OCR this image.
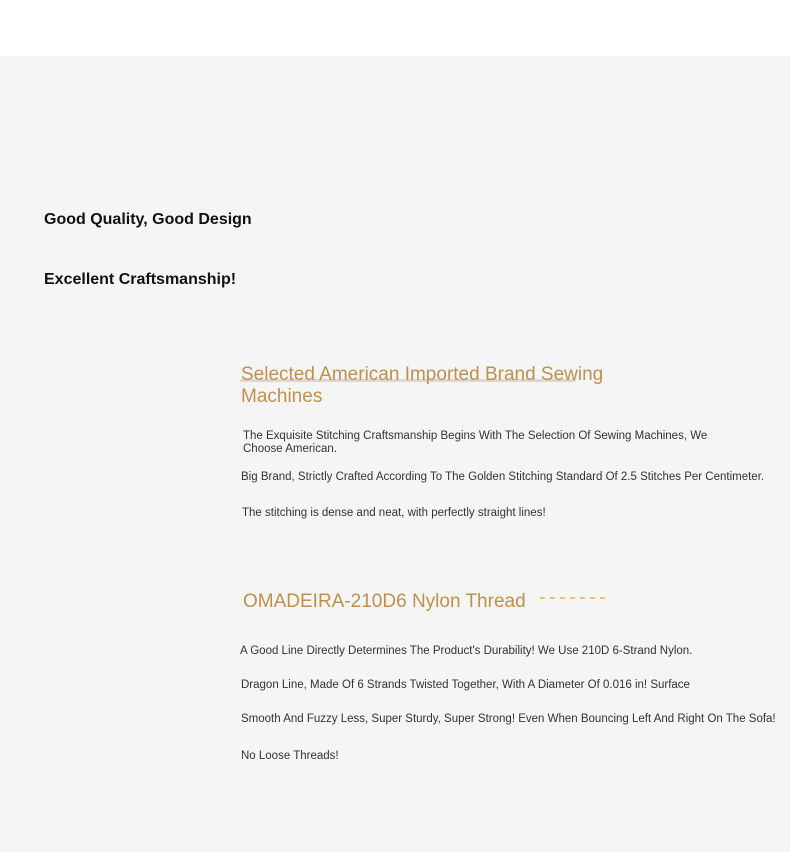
Good Quality, Good Design
Excellent Craftsmanship!
Selected American Imported Brand Sewing Machines

The Exquisite Stitching Craftsmanship Begins With The Selection Of Sewing Machines, We Choose American.

Big Brand, Strictly Crafted According To The Golden Stitching Standard Of 2.5 Stitches Per Centimeter.

The stitching is dense and neat, with perfectly straight lines!

OMADEIRA-210D6 Nylon Thread

A Good Line Directly Determines The Product's Durability! We Use 210D 6-Strand Nylon.

Dragon Line, Made Of 6 Strands Twisted Together, With A Diameter Of 0.016 in! Surface

Smooth And Fuzzy Less, Super Sturdy, Super Strong! Even When Bouncing Left And Right On The Sofa!

No Loose Threads!
